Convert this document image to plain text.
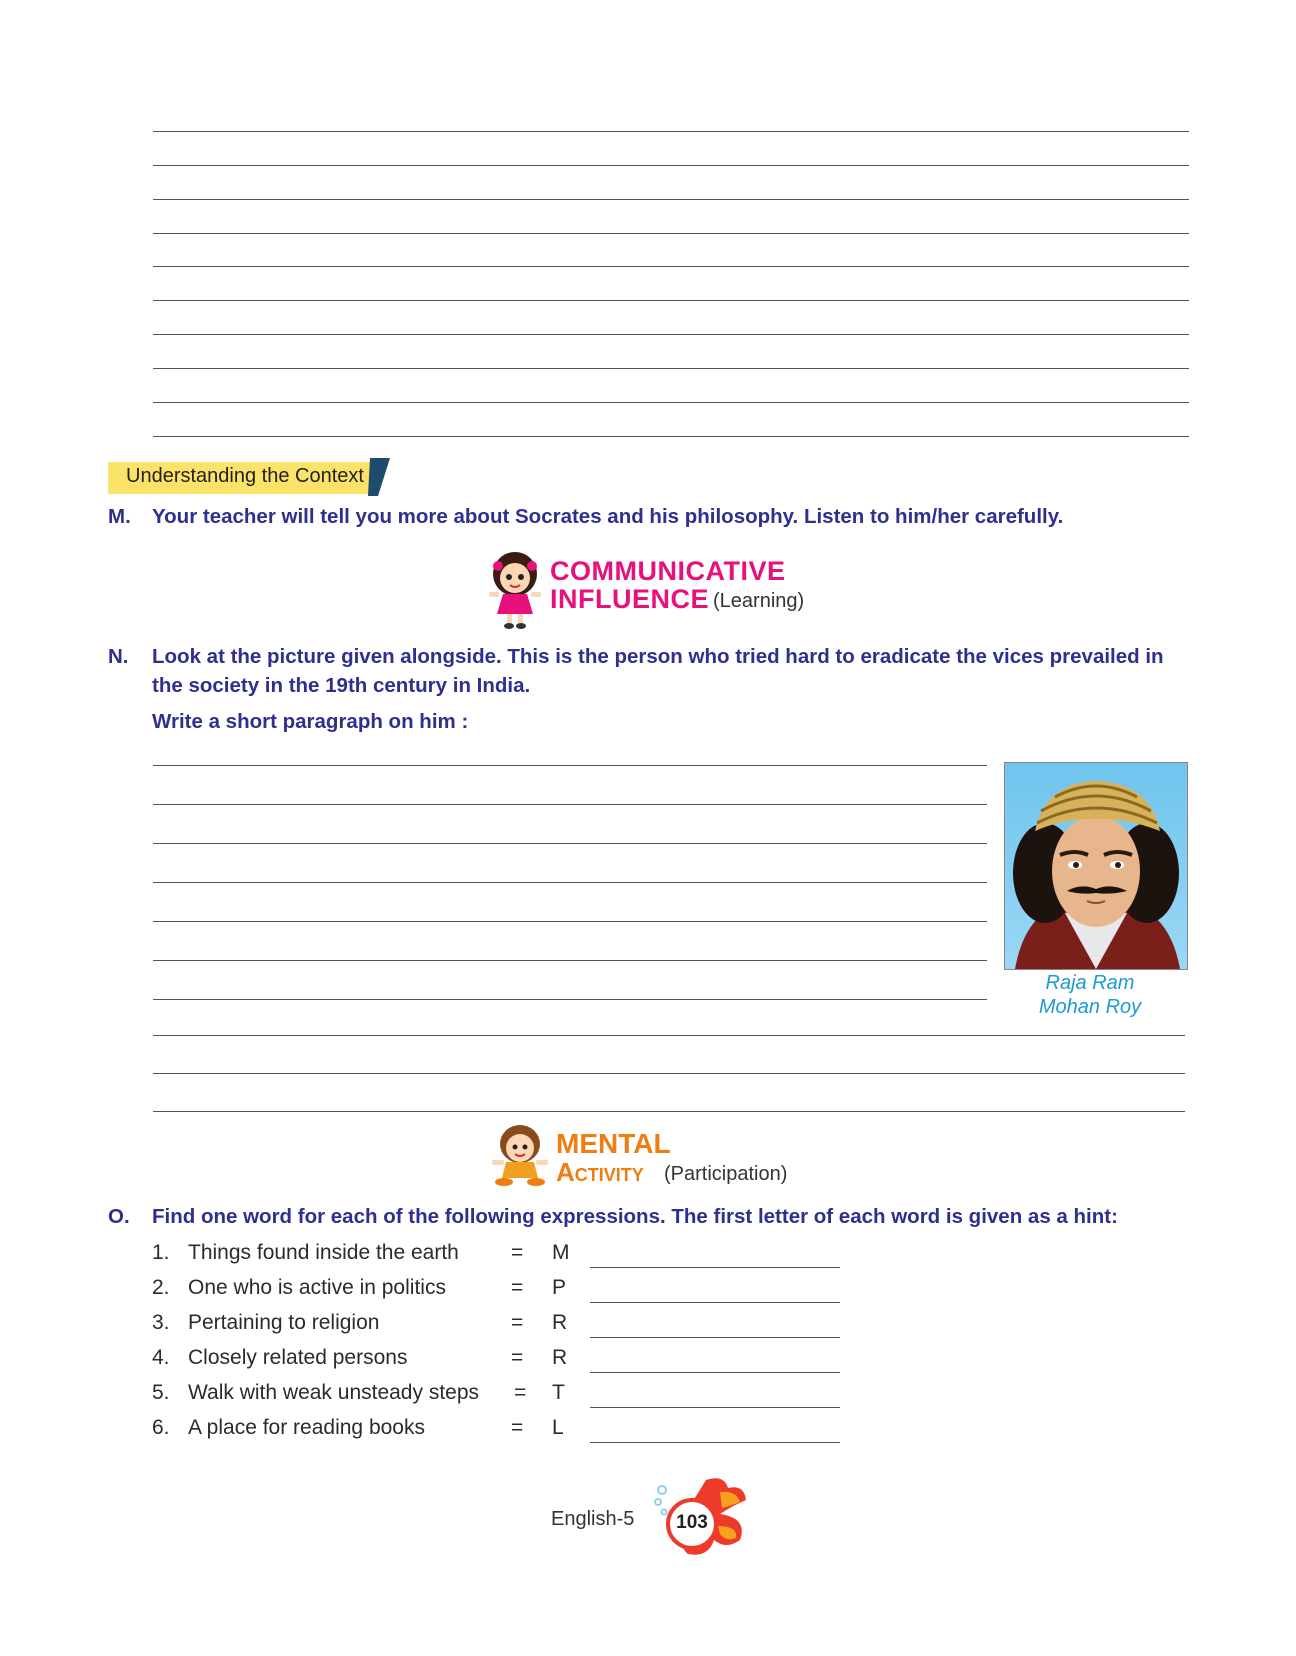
Understanding the Context
M. Your teacher will tell you more about Socrates and his philosophy. Listen to him/her carefully.
COMMUNICATIVE
INFLUENCE (Learning)
N. Look at the picture given alongside. This is the person who tried hard to eradicate the vices prevailed in
the society in the 19th century in India.
Write a short paragraph on him :
Raja Ram
Mohan Roy
MENTAL
Activity (Participation)
O. Find one word for each of the following expressions. The first letter of each word is given as a hint:
1. Things found inside the earth = M
2. One who is active in politics	= P
3. Pertaining to religion	= R
4. Closely related persons	= R
5. Walk with weak unsteady steps = T
6. A place for reading books	= L
English-5 103
